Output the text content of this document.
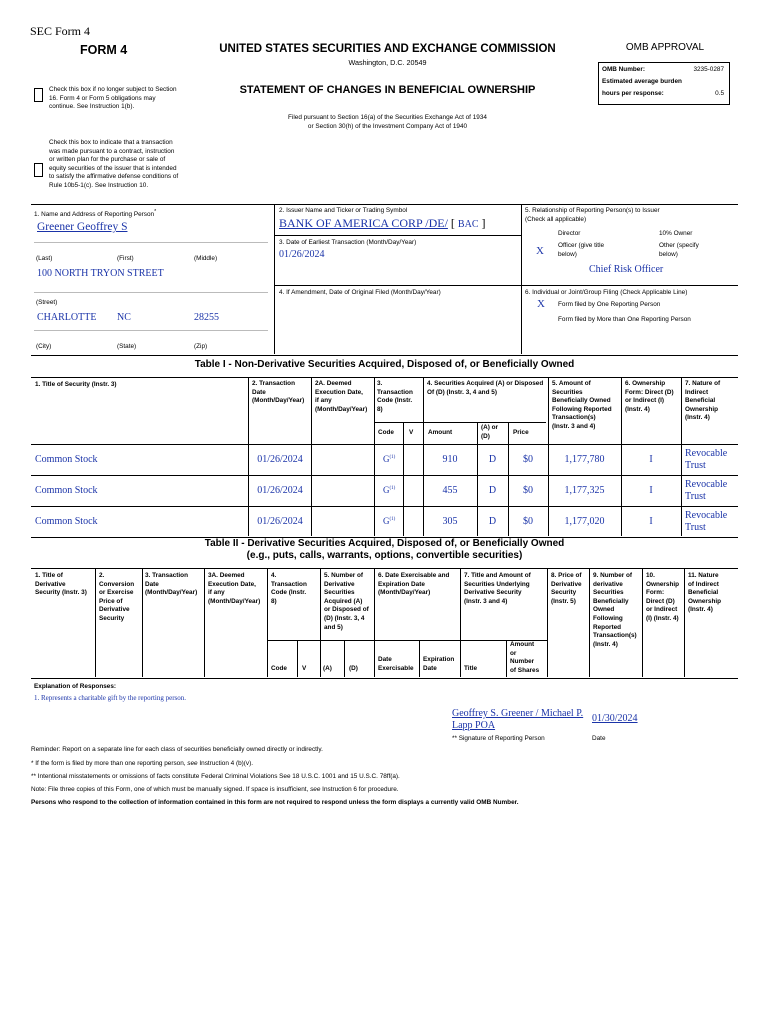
SEC Form 4
FORM 4	UNITED STATES SECURITIES AND EXCHANGE COMMISSION
Washington, D.C. 20549
OMB APPROVAL
OMB Number:	3235-0287
Estimated average burden
hours per response:	0.5
Check this box if no longer subject to Section 16. Form 4 or Form 5 obligations may continue. See Instruction 1(b).
STATEMENT OF CHANGES IN BENEFICIAL OWNERSHIP
Filed pursuant to Section 16(a) of the Securities Exchange Act of 1934
or Section 30(h) of the Investment Company Act of 1940
Check this box to indicate that a transaction was made pursuant to a contract, instruction or written plan for the purchase or sale of equity securities of the issuer that is intended to satisfy the affirmative defense conditions of Rule 10b5-1(c). See Instruction 10.
1. Name and Address of Reporting Person*
Greener Geoffrey S
(Last)	(First)	(Middle)
100 NORTH TRYON STREET
(Street)
CHARLOTTE NC	28255
(City)	(State)	(Zip)
2. Issuer Name and Ticker or Trading Symbol
BANK OF AMERICA CORP /DE/ [ BAC ]
3. Date of Earliest Transaction (Month/Day/Year)
01/26/2024
4. If Amendment, Date of Original Filed (Month/Day/Year)
5. Relationship of Reporting Person(s) to Issuer
(Check all applicable)
Director	10% Owner
X Officer (give title
below)
Other (specify
below)
Chief Risk Officer
6. Individual or Joint/Group Filing (Check Applicable Line)
X Form filed by One Reporting Person
Form filed by More than One Reporting Person
Table I - Non-Derivative Securities Acquired, Disposed of, or Beneficially Owned
1. Title of Security (Instr. 3)	2. Transaction
Date
(Month/Day/Year)
2A. Deemed
Execution Date,
if any
(Month/Day/Year)
3.
Transaction
Code (Instr.
8)
4. Securities Acquired (A) or Disposed Of (D) (Instr. 3, 4 and 5)
5. Amount of
Securities
Beneficially Owned
Following Reported
Transaction(s)
(Instr. 3 and 4)
6. Ownership
Form: Direct (D)
or Indirect (I)
(Instr. 4)
7. Nature of
Indirect
Beneficial
Ownership
(Instr. 4)
Code V Amount
(A) or
(D)
Price
Common Stock	01/26/2024	$G^{(1)}$	910	D	$0	1,177,780	I
Revocable
Trust
Common Stock	01/26/2024	$G^{(1)}$	455	D	$0	1,177,325	I
Revocable
Trust
Common Stock	01/26/2024	$G^{(1)}$	305	D	$0	1,177,020	I
Revocable
Trust
Table II - Derivative Securities Acquired, Disposed of, or Beneficially Owned
(e.g., puts, calls, warrants, options, convertible securities)
1. Title of
Derivative
Security (Instr. 3)
2.
Conversion
or Exercise
Price of
Derivative
Security
3. Transaction
Date
(Month/Day/Year)
3A. Deemed
Execution Date,
if any
(Month/Day/Year)
4.
Transaction
Code (Instr.
8)
5. Number of
Derivative
Securities
Acquired (A)
or Disposed of
(D) (Instr. 3, 4
and 5)
6. Date Exercisable and
Expiration Date
(Month/Day/Year)
7. Title and Amount of
Securities Underlying
Derivative Security
(Instr. 3 and 4)
8. Price of
Derivative
Security
(Instr. 5)
9. Number of
derivative
Securities
Beneficially
Owned
Following
Reported
Transaction(s)
(Instr. 4)
10.
Ownership
Form:
Direct (D)
or Indirect
(I) (Instr. 4)
11. Nature
of Indirect
Beneficial
Ownership
(Instr. 4)
Code V	(A)	(D)
Date
Exercisable
Expiration
Date	Title
Amount
or
Number
of Shares
Explanation of Responses:
1. Represents a charitable gift by the reporting person.
Geoffrey S. Greener / Michael P.
Lapp POA
01/30/2024
** Signature of Reporting Person	Date
Reminder: Report on a separate line for each class of securities beneficially owned directly or indirectly.
* If the form is filed by more than one reporting person, see Instruction 4 (b)(v).
** Intentional misstatements or omissions of facts constitute Federal Criminal Violations See 18 U.S.C. 1001 and 15 U.S.C. 78ff(a).
Note: File three copies of this Form, one of which must be manually signed. If space is insufficient, see Instruction 6 for procedure.
Persons who respond to the collection of information contained in this form are not required to respond unless the form displays a currently valid OMB Number.
